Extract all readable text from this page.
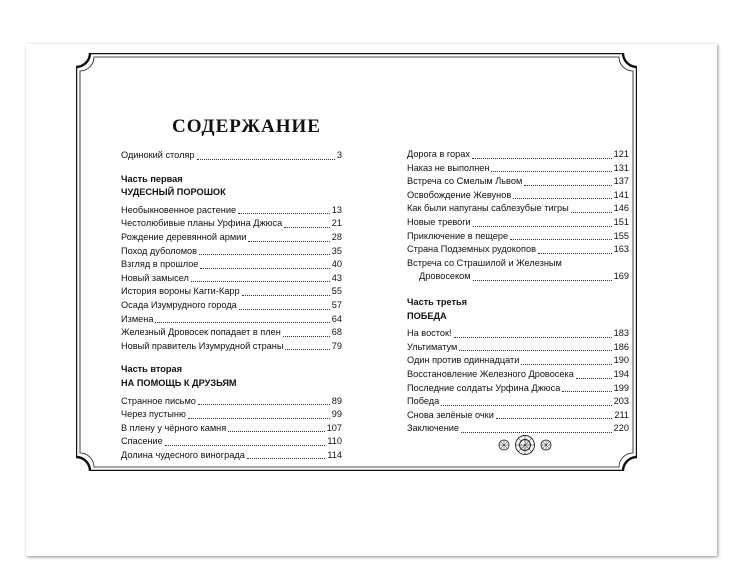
СОДЕРЖАНИЕ
Одинокий столяр	3
Часть первая
ЧУДЕСНЫЙ ПОРОШОК
Необыкновенное растение	13
Честолюбивые планы Урфина Джюса	21
Рождение деревянной армии	28
Поход дуболомов	35
Взгляд в прошлое	40
Новый замысел	43
История вороны Кагги-Карр	55
Осада Изумрудного города	57
Измена	64
Железный Дровосек попадает в плен	68
Новый правитель Изумрудной страны	79
Часть вторая
НА ПОМОЩЬ К ДРУЗЬЯМ
Странное письмо	89
Через пустыню	99
В плену у чёрного камня	107
Спасение	110
Долина чудесного винограда	114
Дорога в горах	121
Наказ не выполнен	131
Встреча со Смелым Львом	137
Освобождение Жевунов	141
Как были напуганы саблезубые тигры	146
Новые тревоги	151
Приключение в пещере	155
Страна Подземных рудокопов	163
Встреча со Страшилой и Железным
Дровосеком	169
Часть третья
ПОБЕДА
На восток!	183
Ультиматум	186
Один против одиннадцати	190
Восстановление Железного Дровосека	194
Последние солдаты Урфина Джюса	199
Победа	203
Снова зелёные очки	211
Заключение	220
